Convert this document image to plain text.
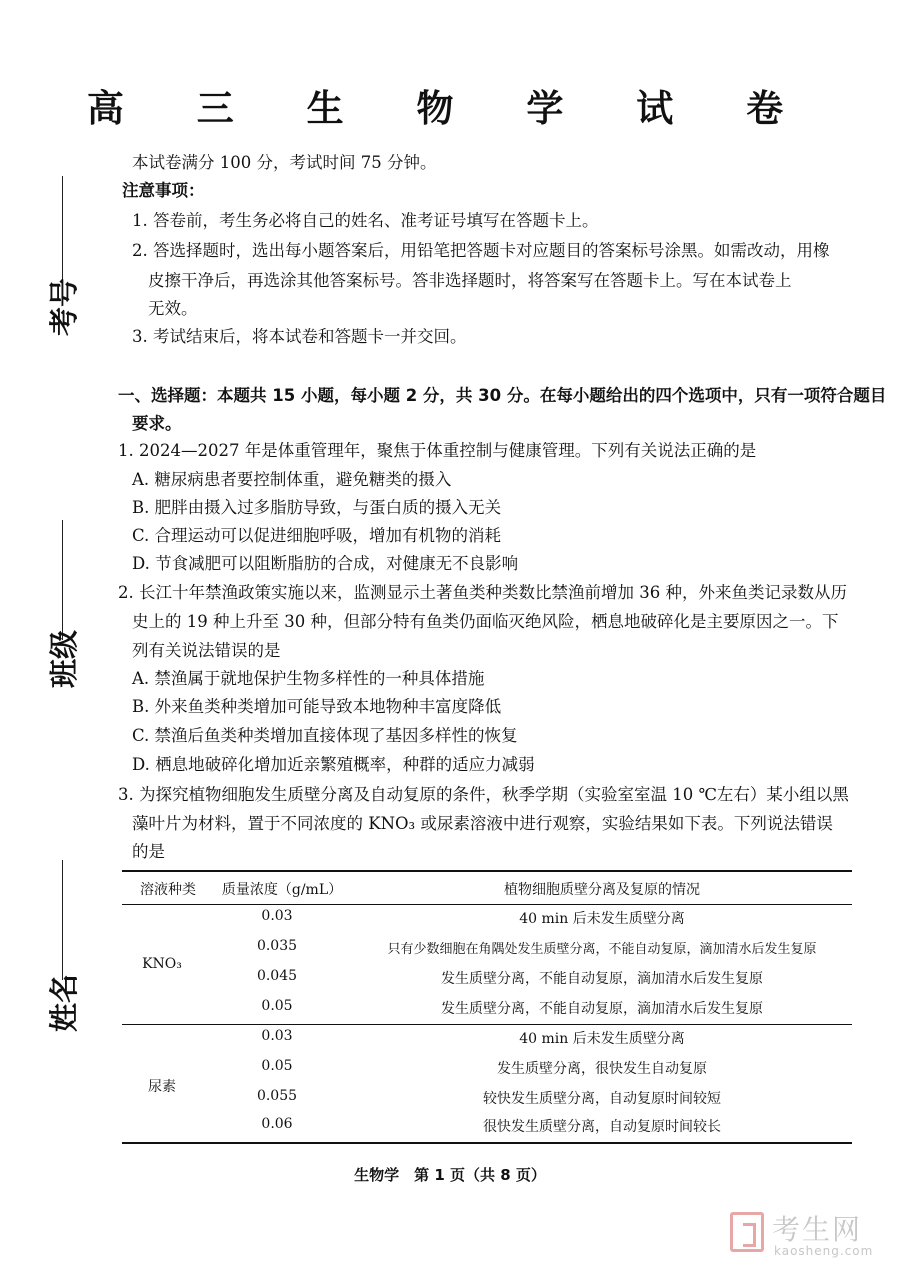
考号
班级
姓名
高 三 生 物 学 试 卷
本试卷满分 100 分，考试时间 75 分钟。
注意事项：
1. 答卷前，考生务必将自己的姓名、准考证号填写在答题卡上。
2. 答选择题时，选出每小题答案后，用铅笔把答题卡对应题目的答案标号涂黑。如需改动，用橡
皮擦干净后，再选涂其他答案标号。答非选择题时，将答案写在答题卡上。写在本试卷上
无效。
3. 考试结束后，将本试卷和答题卡一并交回。
一、选择题：本题共 15 小题，每小题 2 分，共 30 分。在每小题给出的四个选项中，只有一项符合题目
要求。
1. 2024—2027 年是体重管理年，聚焦于体重控制与健康管理。下列有关说法正确的是
A. 糖尿病患者要控制体重，避免糖类的摄入
B. 肥胖由摄入过多脂肪导致，与蛋白质的摄入无关
C. 合理运动可以促进细胞呼吸，增加有机物的消耗
D. 节食减肥可以阻断脂肪的合成，对健康无不良影响
2. 长江十年禁渔政策实施以来，监测显示土著鱼类种类数比禁渔前增加 36 种，外来鱼类记录数从历
史上的 19 种上升至 30 种，但部分特有鱼类仍面临灭绝风险，栖息地破碎化是主要原因之一。下
列有关说法错误的是
A. 禁渔属于就地保护生物多样性的一种具体措施
B. 外来鱼类种类增加可能导致本地物种丰富度降低
C. 禁渔后鱼类种类增加直接体现了基因多样性的恢复
D. 栖息地破碎化增加近亲繁殖概率，种群的适应力减弱
3. 为探究植物细胞发生质壁分离及自动复原的条件，秋季学期（实验室室温 10 ℃左右）某小组以黑
藻叶片为材料，置于不同浓度的 KNO₃ 或尿素溶液中进行观察，实验结果如下表。下列说法错误
的是
溶液种类	质量浓度（g/mL）	植物细胞质壁分离及复原的情况
KNO₃
0.03	40 min 后未发生质壁分离
0.035	只有少数细胞在角隅处发生质壁分离，不能自动复原，滴加清水后发生复原
0.045	发生质壁分离，不能自动复原，滴加清水后发生复原
0.05	发生质壁分离，不能自动复原，滴加清水后发生复原
尿素
0.03	40 min 后未发生质壁分离
0.05	发生质壁分离，很快发生自动复原
0.055	较快发生质壁分离，自动复原时间较短
0.06	很快发生质壁分离，自动复原时间较长
生物学　第 1 页（共 8 页）
考生网
kaosheng.com
